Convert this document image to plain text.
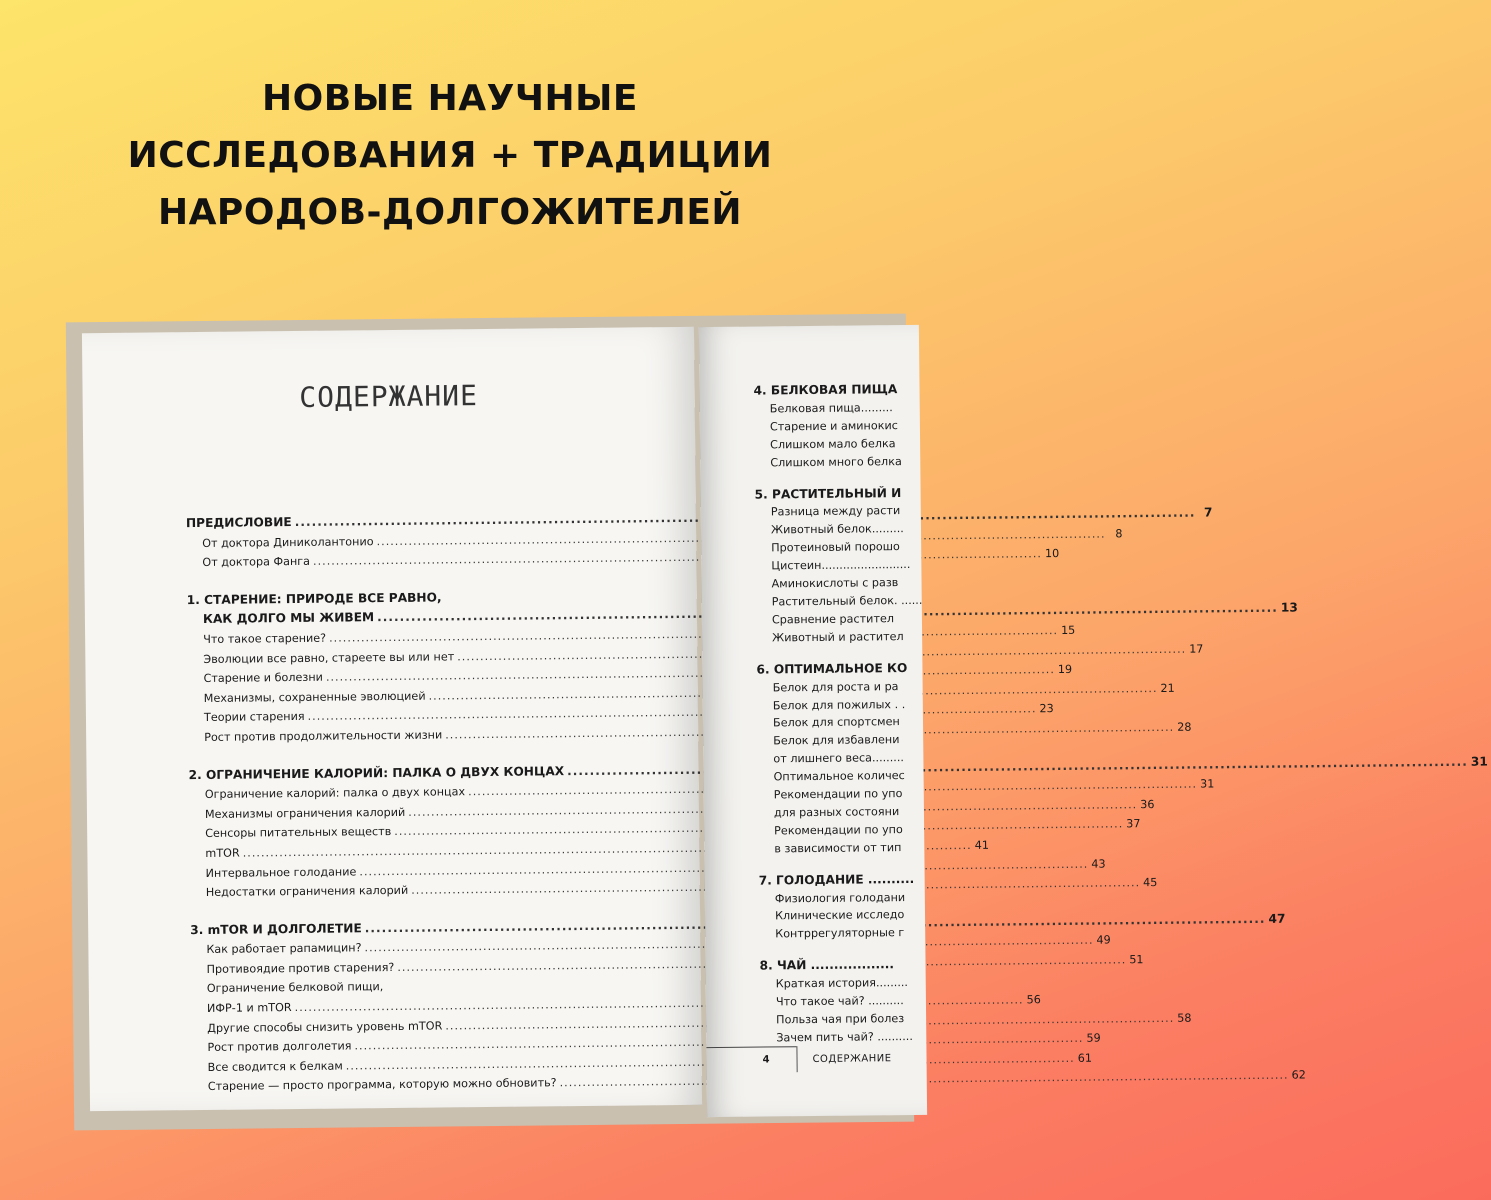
НОВЫЕ НАУЧНЫЕ
ИССЛЕДОВАНИЯ + ТРАДИЦИИ
НАРОДОВ-ДОЛГОЖИТЕЛЕЙ
СОДЕРЖАНИЕ
ПРЕДИСЛОВИЕ
.....
7
От доктора Диниколантонио
.....
8
От доктора Фанга
.....
10
1. СТАРЕНИЕ: ПРИРОДЕ ВСЕ РАВНО,
КАК ДОЛГО МЫ ЖИВЕМ
.....
13
Что такое старение?
.....
15
Эволюции все равно, стареете вы или нет
.....
17
Старение и болезни
.....
19
Механизмы, сохраненные эволюцией
.....
21
Теории старения
.....
23
Рост против продолжительности жизни
.....
28
2. ОГРАНИЧЕНИЕ КАЛОРИЙ: ПАЛКА О ДВУХ КОНЦАХ
.....
31
Ограничение калорий: палка о двух концах
.....
31
Механизмы ограничения калорий
.....
36
Сенсоры питательных веществ
.....
37
mTOR
.....
41
Интервальное голодание
.....
43
Недостатки ограничения калорий
.....
45
3. mTOR И ДОЛГОЛЕТИЕ
.....
47
Как работает рапамицин?
.....
49
Противоядие против старения?
.....
51
Ограничение белковой пищи,
ИФР-1 и mTOR
.....
56
Другие способы снизить уровень mTOR
.....
58
Рост против долголетия
.....
59
Все сводится к белкам
.....
61
Старение — просто программа, которую можно обновить?
.....
62
4. БЕЛКОВАЯ ПИЩА
Белковая пища.........
Старение и аминокис
Слишком мало белка
Слишком много белка
5. РАСТИТЕЛЬНЫЙ И
Разница между расти
Животный белок.........
Протеиновый порошо
Цистеин.........................
Аминокислоты с разв
Растительный белок. ......
Сравнение растител
Животный и растител
6. ОПТИМАЛЬНОЕ КО
Белок для роста и ра
Белок для пожилых . .
Белок для спортсмен
Белок для избавлени
от лишнего веса.........
Оптимальное количес
Рекомендации по упо
для разных состояни
Рекомендации по упо
в зависимости от тип
7. ГОЛОДАНИЕ ..........
Физиология голодани
Клинические исследо
Контррегуляторные г
8. ЧАЙ ..................
Краткая история.........
Что такое чай? ..........
Польза чая при болез
Зачем пить чай? ..........
4	СОДЕРЖАНИЕ
